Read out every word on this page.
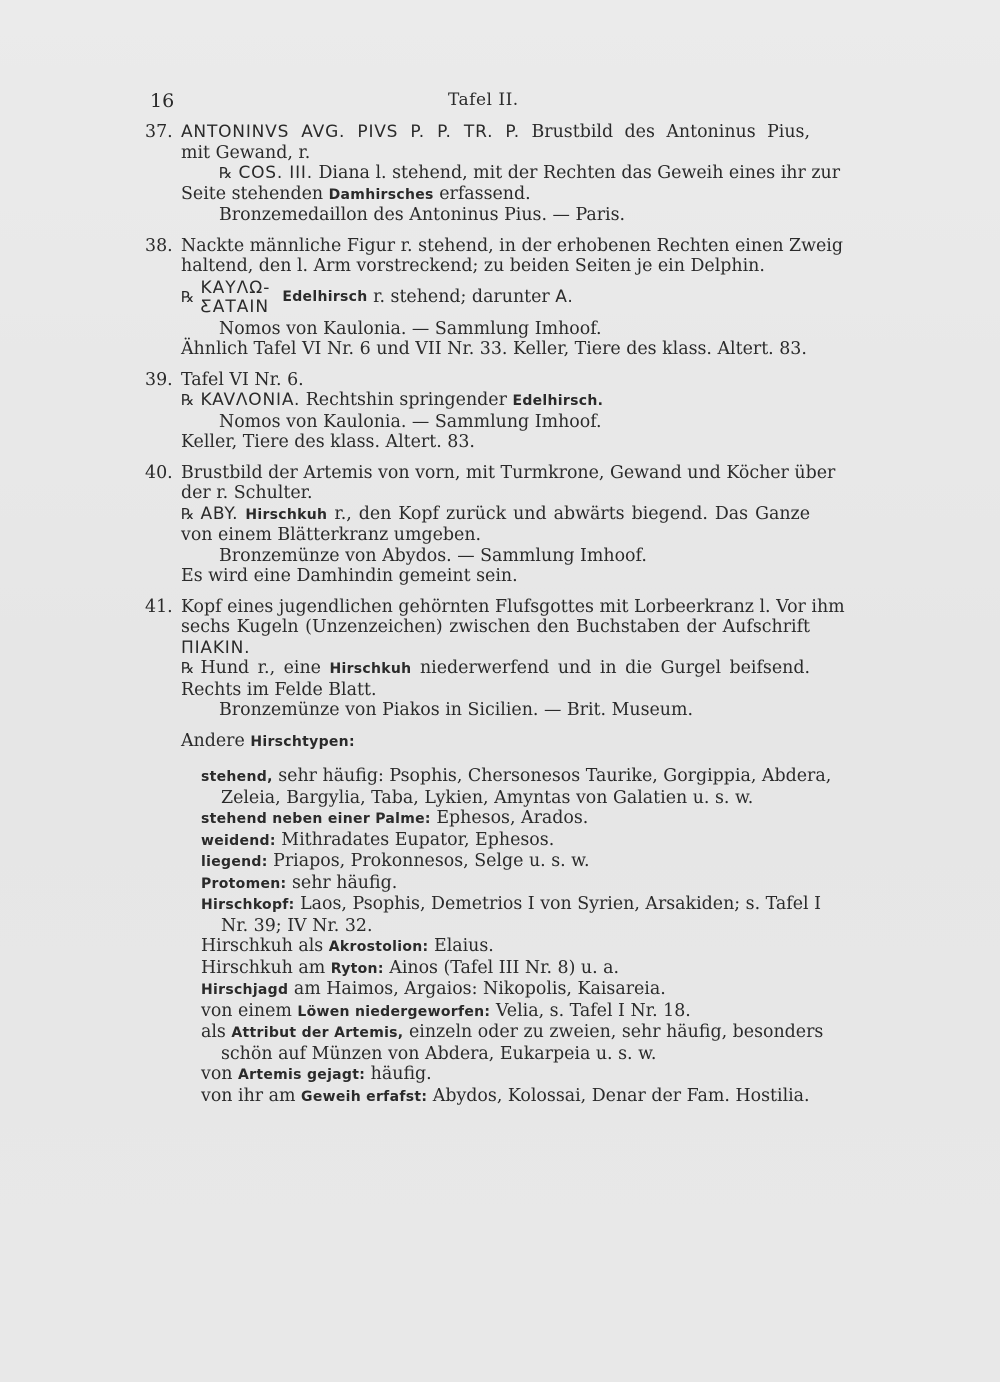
16	Tafel II.
37. ANTONINVS AVG. PIVS P. P. TR. P. Brustbild des Antoninus Pius,
mit Gewand, r.
℞ COS. III. Diana l. stehend, mit der Rechten das Geweih eines ihr zur
Seite stehenden Damhirsches erfassend.
Bronzemedaillon des Antoninus Pius. — Paris.
38. Nackte männliche Figur r. stehend, in der erhobenen Rechten einen Zweig
haltend, den l. Arm vorstreckend; zu beiden Seiten je ein Delphin.
℞ ΚΑΥΛΩ-
ƸΑΤΑΙΝ Edelhirsch
r. stehend; darunter
A.
Nomos von Kaulonia. — Sammlung Imhoof.
Ähnlich Tafel VI Nr. 6 und VII Nr. 33. Keller, Tiere des klass. Altert. 83.
39. Tafel VI Nr. 6.
℞ KAVΛONIA. Rechtshin springender Edelhirsch.
Nomos von Kaulonia. — Sammlung Imhoof.
Keller, Tiere des klass. Altert. 83.
40. Brustbild der Artemis von vorn, mit Turmkrone, Gewand und Köcher über
der r. Schulter.
℞ ABY. Hirschkuh r., den Kopf zurück und abwärts biegend. Das Ganze
von einem Blätterkranz umgeben.
Bronzemünze von Abydos. — Sammlung Imhoof.
Es wird eine Damhindin gemeint sein.
41. Kopf eines jugendlichen gehörnten Flufsgottes mit Lorbeerkranz l. Vor ihm
sechs Kugeln (Unzenzeichen) zwischen den Buchstaben der Aufschrift
ΠΙΑΚΙΝ.
℞ Hund r., eine Hirschkuh niederwerfend und in die Gurgel beifsend.
Rechts im Felde Blatt.
Bronzemünze von Piakos in Sicilien. — Brit. Museum.
Andere Hirschtypen:
stehend, sehr häufig: Psophis, Chersonesos Taurike, Gorgippia, Abdera,
Zeleia, Bargylia, Taba, Lykien, Amyntas von Galatien u. s. w.
stehend neben einer Palme: Ephesos, Arados.
weidend: Mithradates Eupator, Ephesos.
liegend: Priapos, Prokonnesos, Selge u. s. w.
Protomen: sehr häufig.
Hirschkopf: Laos, Psophis, Demetrios I von Syrien, Arsakiden; s. Tafel I
Nr. 39; IV Nr. 32.
Hirschkuh als Akrostolion: Elaius.
Hirschkuh am Ryton: Ainos (Tafel III Nr. 8) u. a.
Hirschjagd am Haimos, Argaios: Nikopolis, Kaisareia.
von einem Löwen niedergeworfen: Velia, s. Tafel I Nr. 18.
als Attribut der Artemis, einzeln oder zu zweien, sehr häufig, besonders
schön auf Münzen von Abdera, Eukarpeia u. s. w.
von Artemis gejagt: häufig.
von ihr am Geweih erfafst: Abydos, Kolossai, Denar der Fam. Hostilia.
